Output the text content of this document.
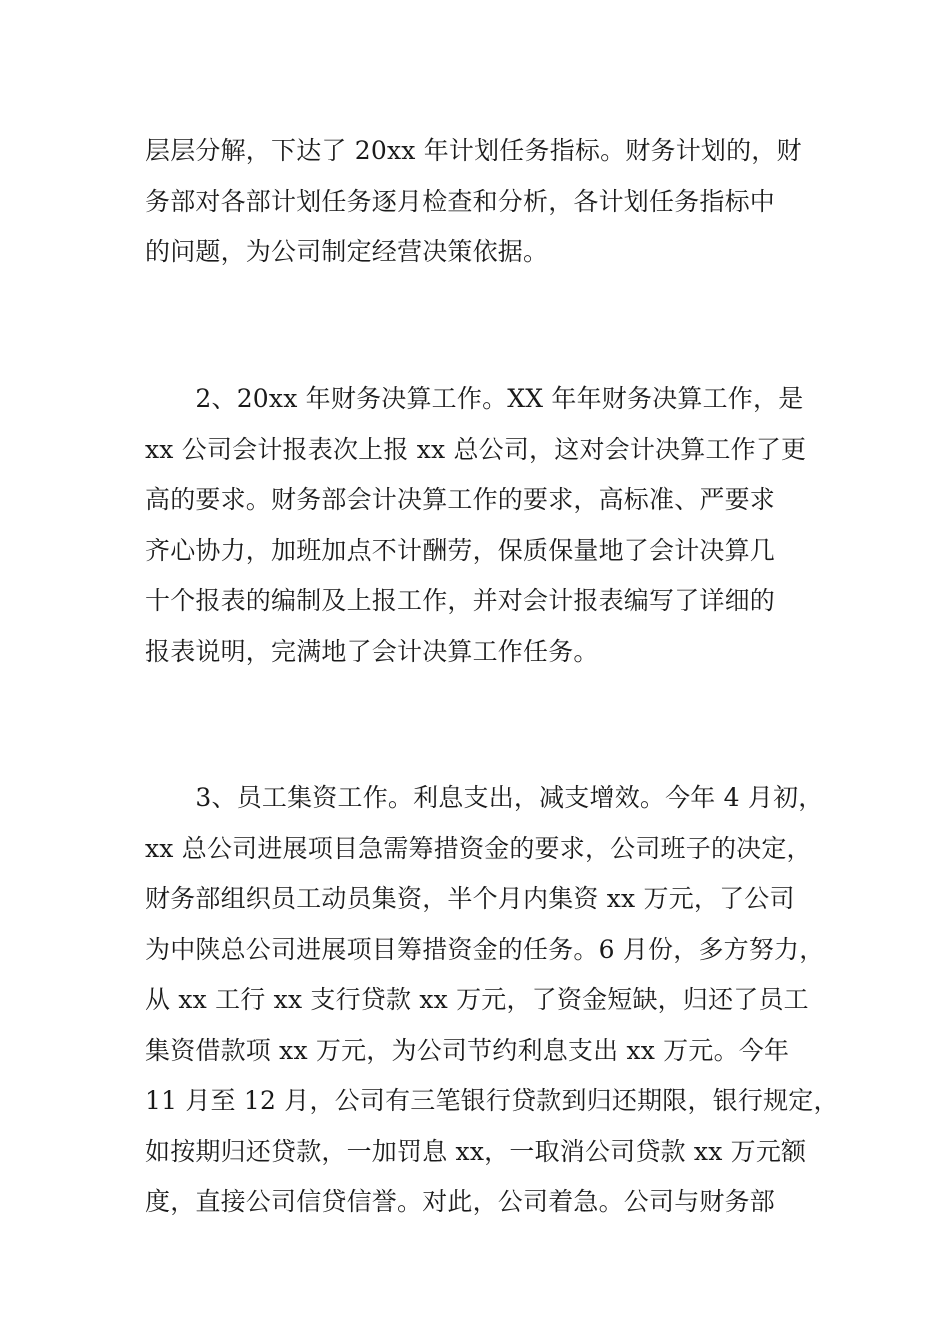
层层分解，下达了 20xx 年计划任务指标。财务计划的，财
务部对各部计划任务逐月检查和分析，各计划任务指标中
的问题，为公司制定经营决策依据。
　　2、20xx 年财务决算工作。XX 年年财务决算工作，是
xx 公司会计报表次上报 xx 总公司，这对会计决算工作了更
高的要求。财务部会计决算工作的要求，高标准、严要求
齐心协力，加班加点不计酬劳，保质保量地了会计决算几
十个报表的编制及上报工作，并对会计报表编写了详细的
报表说明，完满地了会计决算工作任务。
　　3、员工集资工作。利息支出，减支增效。今年 4 月初，
xx 总公司进展项目急需筹措资金的要求，公司班子的决定，
财务部组织员工动员集资，半个月内集资 xx 万元，了公司
为中陕总公司进展项目筹措资金的任务。6 月份，多方努力，
从 xx 工行 xx 支行贷款 xx 万元，了资金短缺，归还了员工
集资借款项 xx 万元，为公司节约利息支出 xx 万元。今年
11 月至 12 月，公司有三笔银行贷款到归还期限，银行规定，
如按期归还贷款，一加罚息 xx，一取消公司贷款 xx 万元额
度，直接公司信贷信誉。对此，公司着急。公司与财务部
